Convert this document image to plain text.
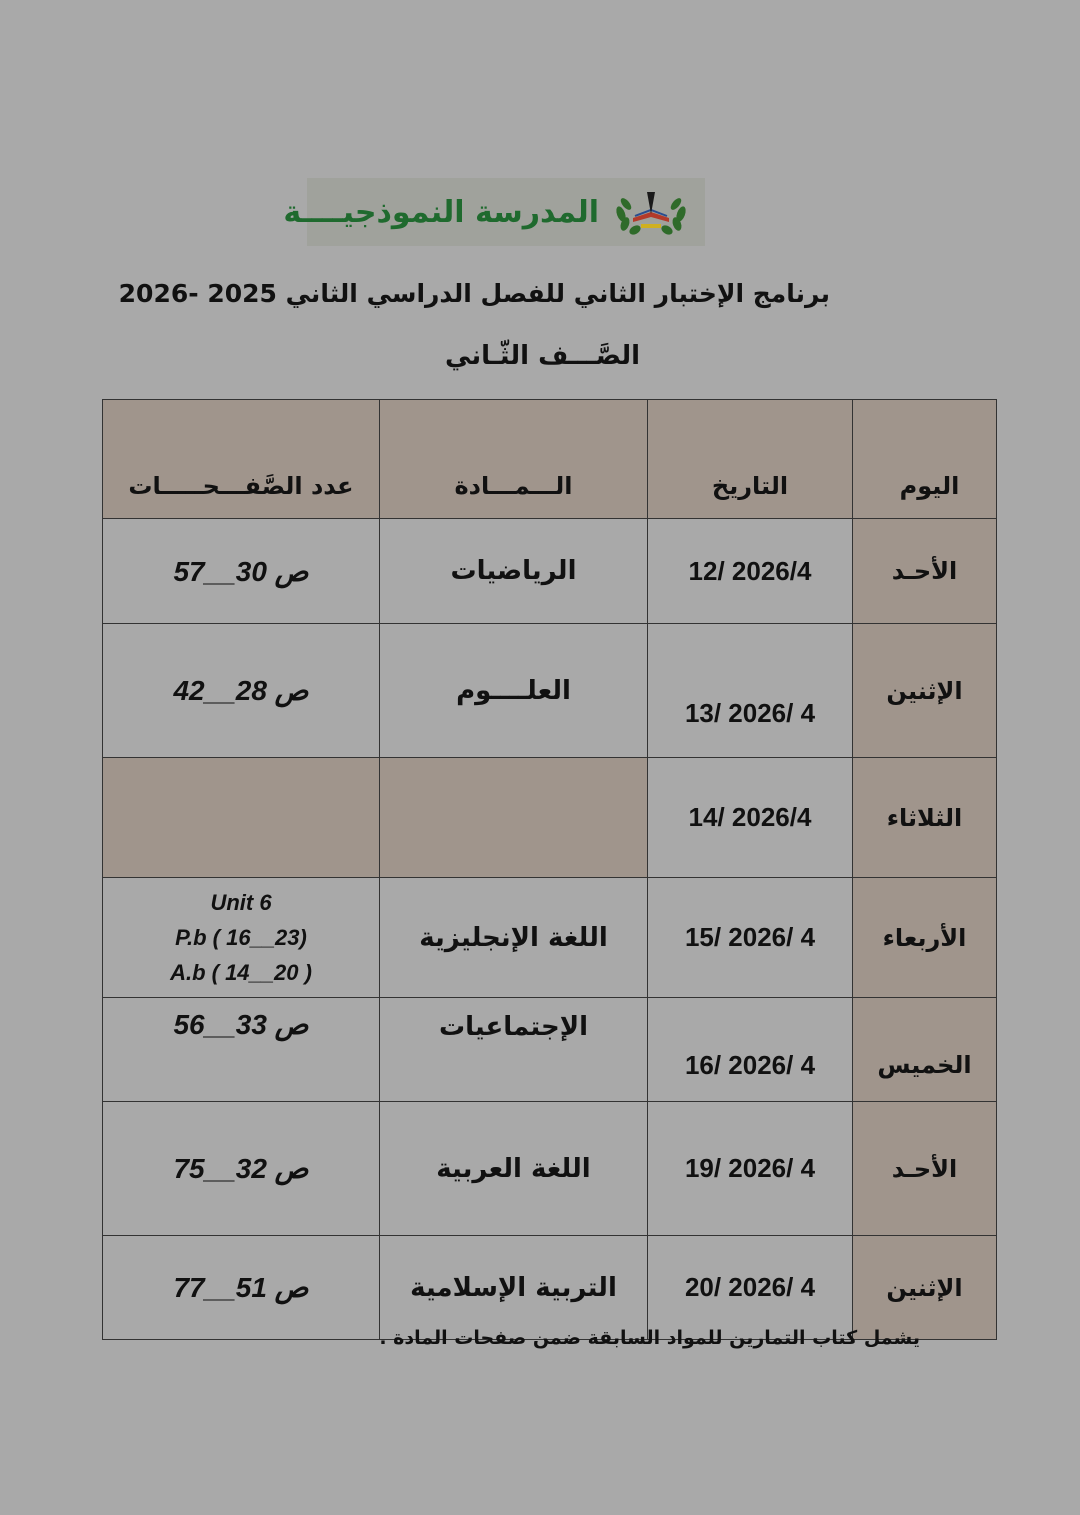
المدرسة النموذجيــــة
برنامج الإختبار الثاني للفصل الدراسي الثاني 2025 -2026
الصَّـــف الثّـاني
عدد الصَّفـــحـــــات	الـــمـــادة	التاريخ	اليوم
ص 30__57	الرياضيات	12/ 2026/4	الأحـد
ص 28__42	العلــــوم	13/ 2026/ 4	الإثنين
		14/ 2026/4	الثلاثاء

Unit 6
P.b ( 16__23)
A.b ( 14__20 )	اللغة الإنجليزية	15/ 2026/ 4	الأربعاء
ص 33__56	الإجتماعيات	16/ 2026/ 4	الخميس
ص 32__75	اللغة العربية	19/ 2026/ 4	الأحـد
ص 51__77	التربية الإسلامية	20/ 2026/ 4	الإثنين
يشمل كتاب التمارين للمواد السابقة ضمن صفحات المادة .
